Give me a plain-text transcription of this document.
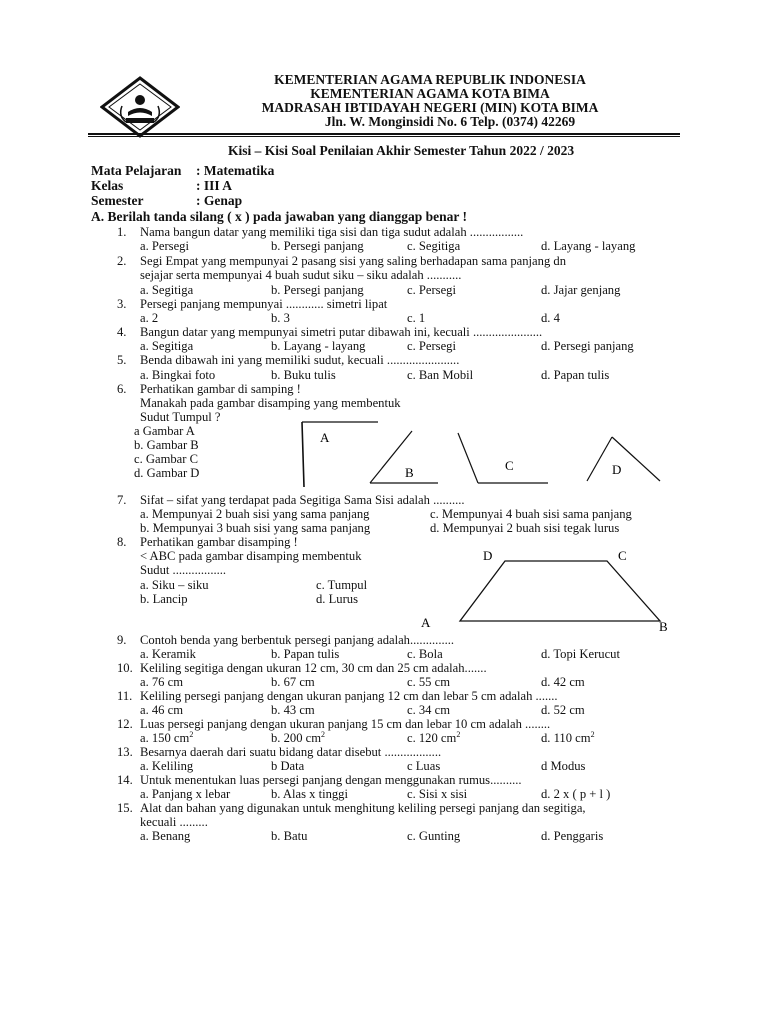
KEMENTERIAN AGAMA REPUBLIK INDONESIA
KEMENTERIAN AGAMA KOTA BIMA
MADRASAH IBTIDAYAH NEGERI (MIN) KOTA BIMA
Jln. W. Monginsidi No. 6 Telp. (0374) 42269
Kisi – Kisi Soal Penilaian Akhir Semester Tahun 2022 / 2023
Mata Pelajaran : Matematika
Kelas	: III A
Semester	: Genap
A. Berilah tanda silang ( x ) pada jawaban yang dianggap benar !
1. Nama bangun datar yang memiliki tiga sisi dan tiga sudut adalah .................
a. Persegi	b. Persegi panjang	c. Segitiga	d. Layang - layang
2. Segi Empat yang mempunyai 2 pasang sisi yang saling berhadapan sama panjang dn
sejajar serta mempunyai 4 buah sudut siku – siku adalah ...........
a. Segitiga	b. Persegi panjang	c. Persegi	d. Jajar genjang
3. Persegi panjang mempunyai ............ simetri lipat
a. 2	b. 3	c. 1	d. 4
4. Bangun datar yang mempunyai simetri putar dibawah ini, kecuali ......................
a. Segitiga	b. Layang - layang	c. Persegi	d. Persegi panjang
5. Benda dibawah ini yang memiliki sudut, kecuali .......................
a. Bingkai foto	b. Buku tulis	c. Ban Mobil	d. Papan tulis
6. Perhatikan gambar di samping !
Manakah pada gambar disamping yang membentuk
Sudut Tumpul ?
a Gambar A
b. Gambar B
c. Gambar C
d. Gambar D
A
B	C	D
7. Sifat – sifat yang terdapat pada Segitiga Sama Sisi adalah ..........
a. Mempunyai 2 buah sisi yang sama panjang	c. Mempunyai 4 buah sisi sama panjang
b. Mempunyai 3 buah sisi yang sama panjang	d. Mempunyai 2 buah sisi tegak lurus
8. Perhatikan gambar disamping !
< ABC pada gambar disamping membentuk
Sudut .................
a. Siku – siku	c. Tumpul
b. Lancip	d. Lurus
D	C
A	B
9. Contoh benda yang berbentuk persegi panjang adalah..............
a. Keramik	b. Papan tulis	c. Bola	d. Topi Kerucut
10. Keliling segitiga dengan ukuran 12 cm, 30 cm dan 25 cm adalah.......
a. 76 cm	b. 67 cm	c. 55 cm	d. 42 cm
11. Keliling persegi panjang dengan ukuran panjang 12 cm dan lebar 5 cm adalah .......
a. 46 cm	b. 43 cm	c. 34 cm	d. 52 cm
12. Luas persegi panjang dengan ukuran panjang 15 cm dan lebar 10 cm adalah ........
a. 150 $cm^2$	b. 200 $cm^2$	c. 120 $cm^2$	d. 110 $cm^2$
13. Besarnya daerah dari suatu bidang datar disebut ..................
a. Keliling	b Data	c Luas	d Modus
14. Untuk menentukan luas persegi panjang dengan menggunakan rumus..........
a. Panjang x lebar	b. Alas x tinggi	c. Sisi x sisi	d. 2 x ( p + l )
15. Alat dan bahan yang digunakan untuk menghitung keliling persegi panjang dan segitiga,
kecuali .........
a. Benang	b. Batu	c. Gunting	d. Penggaris
